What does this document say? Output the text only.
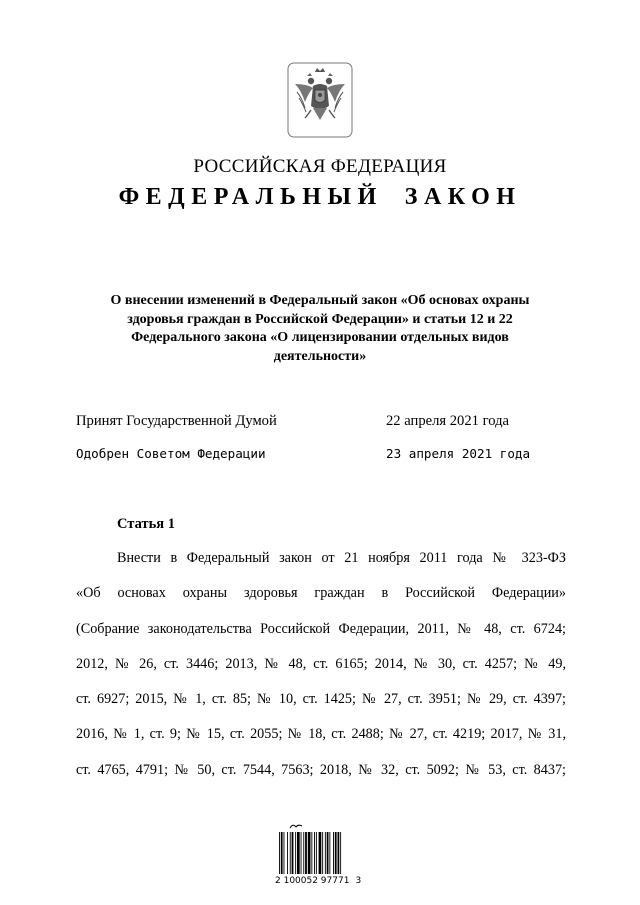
РОССИЙСКАЯ ФЕДЕРАЦИЯ
ФЕДЕРАЛЬНЫЙ ЗАКОН
О внесении изменений в Федеральный закон «Об основах охраны
здоровья граждан в Российской Федерации» и статьи 12 и 22
Федерального закона «О лицензировании отдельных видов
деятельности»
Принят Государственной Думой	22 апреля 2021 года
Одобрен Советом Федерации	23 апреля 2021 года
Статья 1
Внести в Федеральный закон от 21 ноября 2011 года № 323-ФЗ
«Об основах охраны здоровья граждан в Российской Федерации»
(Собрание законодательства Российской Федерации, 2011, № 48, ст. 6724;
2012, № 26, ст. 3446; 2013, № 48, ст. 6165; 2014, № 30, ст. 4257; № 49,
ст. 6927; 2015, № 1, ст. 85; № 10, ст. 1425; № 27, ст. 3951; № 29, ст. 4397;
2016, № 1, ст. 9; № 15, ст. 2055; № 18, ст. 2488; № 27, ст. 4219; 2017, № 31,
ст. 4765, 4791; № 50, ст. 7544, 7563; 2018, № 32, ст. 5092; № 53, ст. 8437;
2 100052 97771 3
